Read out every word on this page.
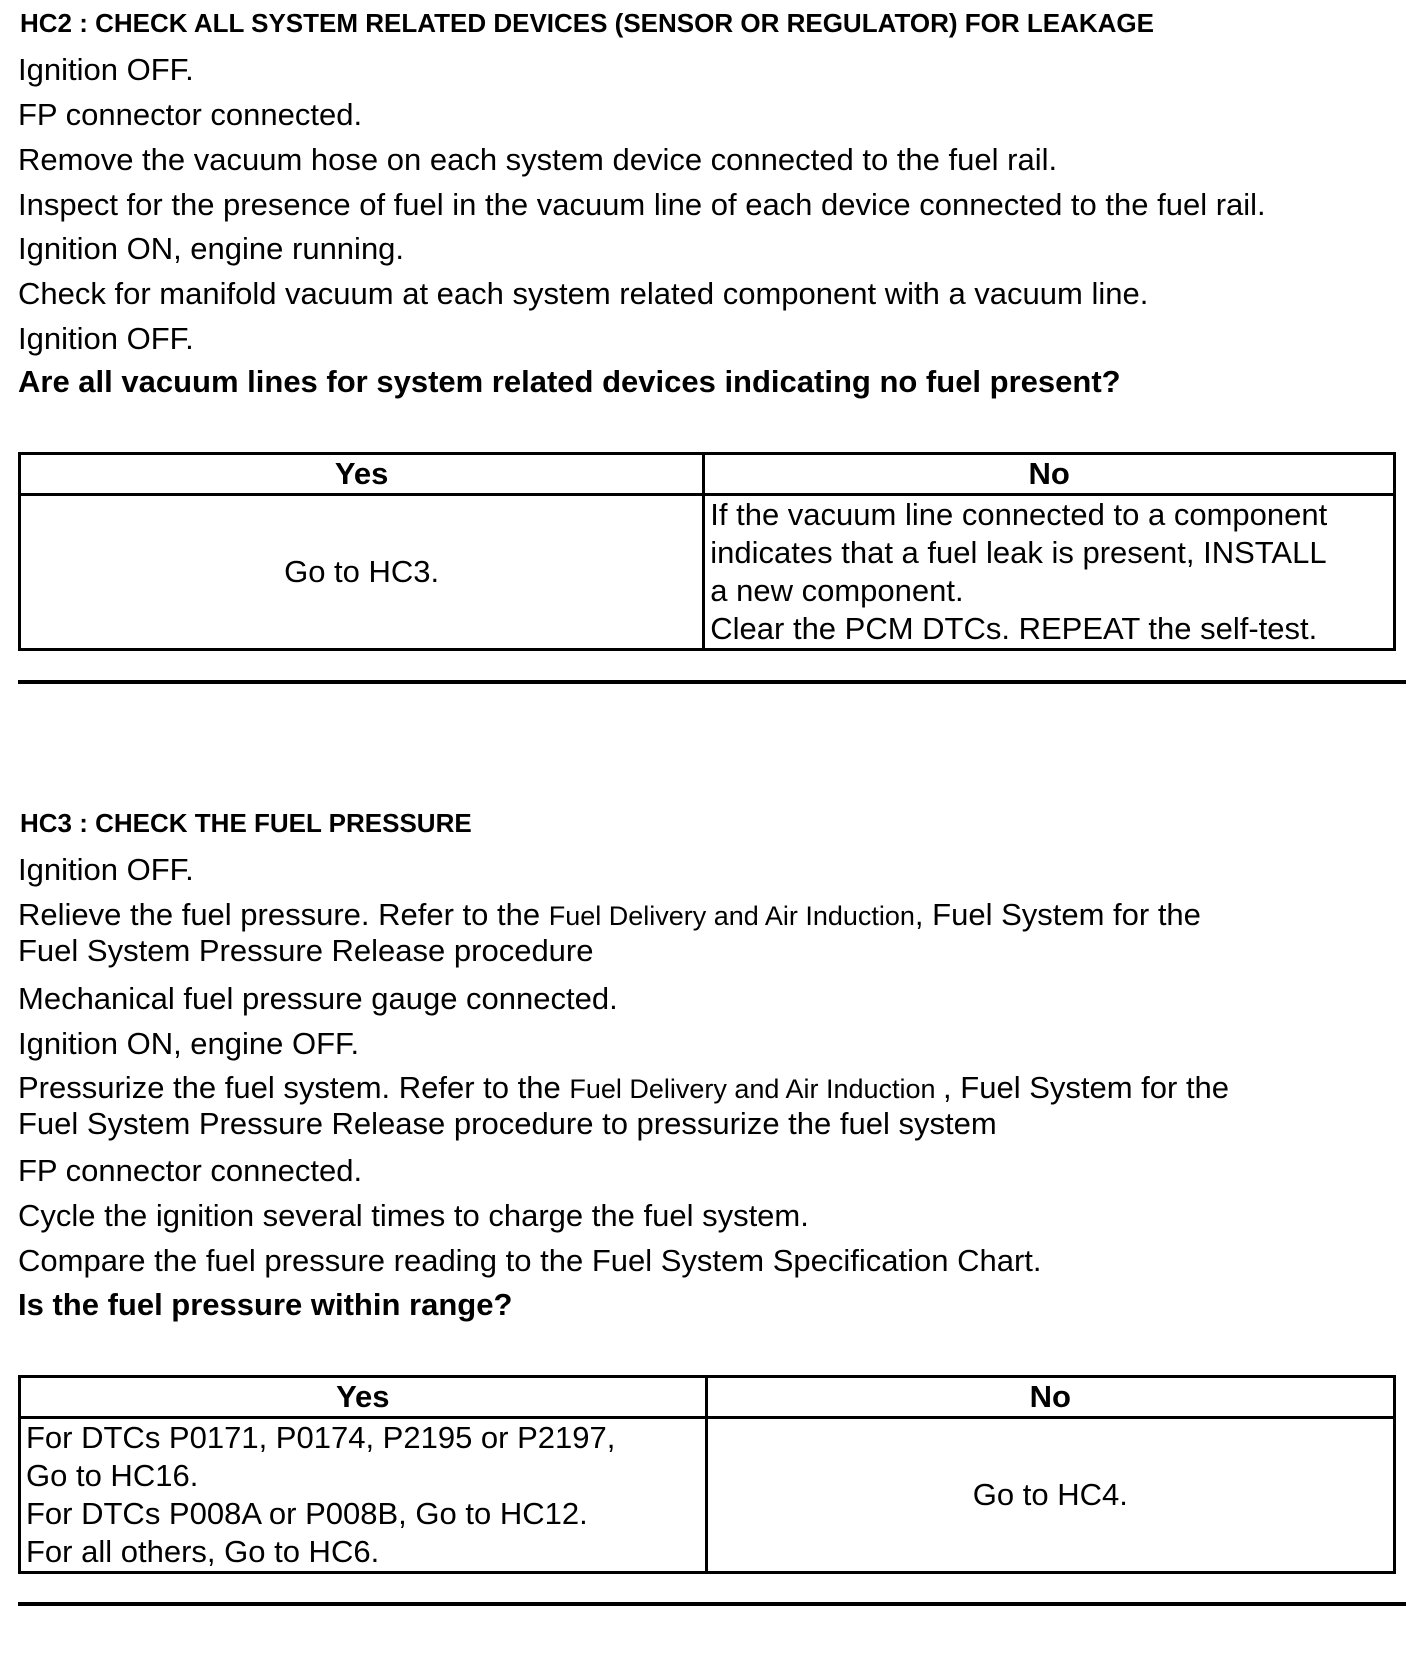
HC2 : CHECK ALL SYSTEM RELATED DEVICES (SENSOR OR REGULATOR) FOR LEAKAGE
Ignition OFF.
FP connector connected.
Remove the vacuum hose on each system device connected to the fuel rail.
Inspect for the presence of fuel in the vacuum line of each device connected to the fuel rail.
Ignition ON, engine running.
Check for manifold vacuum at each system related component with a vacuum line.
Ignition OFF.
Are all vacuum lines for system related devices indicating no fuel present?
Yes	No
Go to HC3.	If the vacuum line connected to a component
indicates that a fuel leak is present, INSTALL
a new component.
Clear the PCM DTCs. REPEAT the self-test.
HC3 : CHECK THE FUEL PRESSURE
Ignition OFF.
Relieve the fuel pressure. Refer to the Fuel Delivery and Air Induction, Fuel System for the
Fuel System Pressure Release procedure
Mechanical fuel pressure gauge connected.
Ignition ON, engine OFF.
Pressurize the fuel system. Refer to the Fuel Delivery and Air Induction , Fuel System for the
Fuel System Pressure Release procedure to pressurize the fuel system
FP connector connected.
Cycle the ignition several times to charge the fuel system.
Compare the fuel pressure reading to the Fuel System Specification Chart.
Is the fuel pressure within range?
Yes	No

For DTCs P0171, P0174, P2195 or P2197,
Go to HC16.
For DTCs P008A or P008B, Go to HC12.
For all others, Go to HC6.	Go to HC4.
